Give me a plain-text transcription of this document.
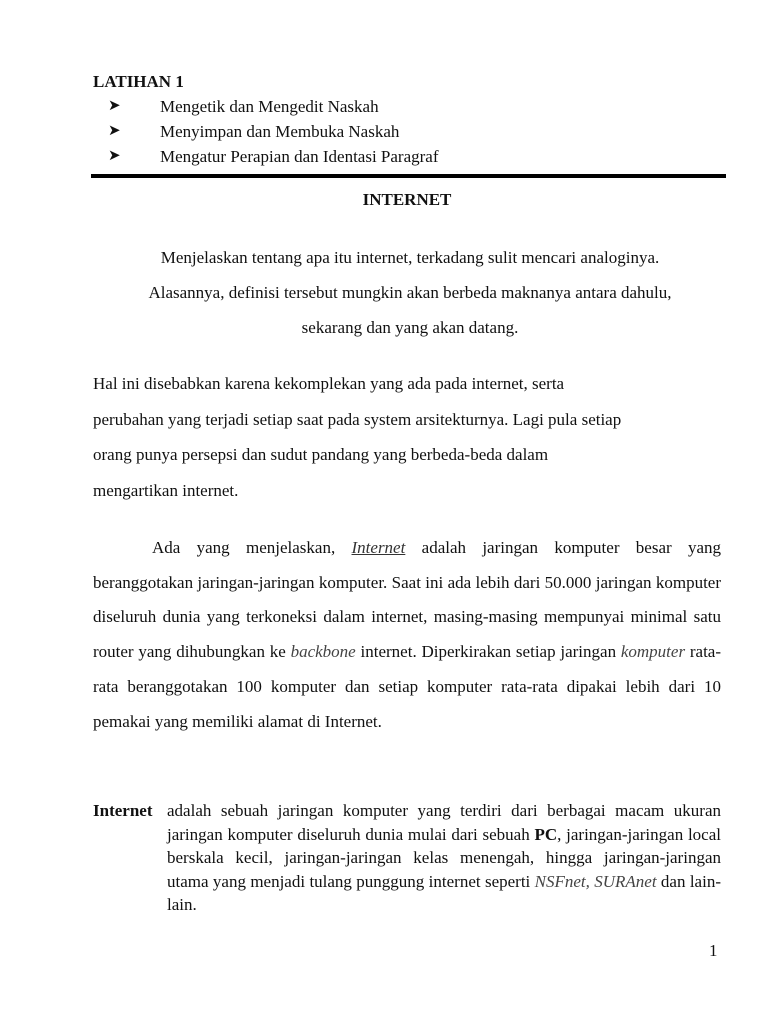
LATIHAN 1
➤	Mengetik dan Mengedit Naskah
➤	Menyimpan dan Membuka Naskah
➤	Mengatur Perapian dan Identasi Paragraf
INTERNET

Menjelaskan tentang apa itu internet, terkadang sulit mencari analoginya.
Alasannya, definisi tersebut mungkin akan berbeda maknanya antara dahulu,
sekarang dan yang akan datang.

Hal ini disebabkan karena kekomplekan yang ada pada internet, serta
perubahan yang terjadi setiap saat pada system arsitekturnya. Lagi pula setiap
orang punya persepsi dan sudut pandang yang berbeda-beda dalam
mengartikan internet.

Ada yang menjelaskan, Internet adalah jaringan komputer besar yang beranggotakan jaringan-jaringan komputer. Saat ini ada lebih dari 50.000 jaringan komputer diseluruh dunia yang terkoneksi dalam internet, masing-masing mempunyai minimal satu router yang dihubungkan ke backbone internet. Diperkirakan setiap jaringan komputer rata-rata beranggotakan 100 komputer dan setiap komputer rata-rata dipakai lebih dari 10 pemakai yang memiliki alamat di Internet.

Internet adalah sebuah jaringan komputer yang terdiri dari berbagai macam ukuran jaringan komputer diseluruh dunia mulai dari sebuah PC, jaringan-jaringan local berskala kecil, jaringan-jaringan kelas menengah, hingga jaringan-jaringan utama yang menjadi tulang punggung internet seperti NSFnet, SURAnet dan lain-lain.
1
